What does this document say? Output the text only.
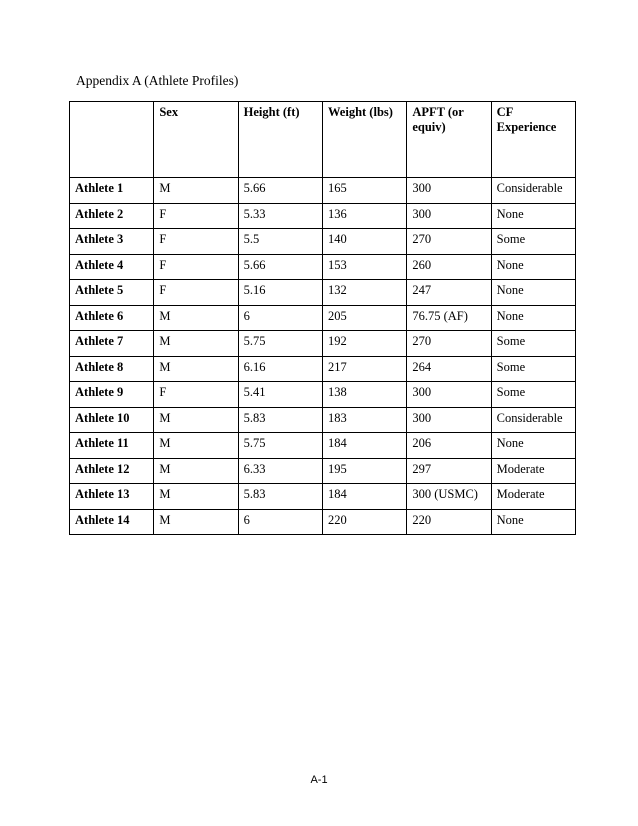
Appendix A (Athlete Profiles)
	Sex	Height (ft)	Weight (lbs)	APFT (or equiv)	CF Experience
Athlete 1	M	5.66	165	300	Considerable
Athlete 2	F	5.33	136	300	None
Athlete 3	F	5.5	140	270	Some
Athlete 4	F	5.66	153	260	None
Athlete 5	F	5.16	132	247	None
Athlete 6	M	6	205	76.75 (AF)	None
Athlete 7	M	5.75	192	270	Some
Athlete 8	M	6.16	217	264	Some
Athlete 9	F	5.41	138	300	Some
Athlete 10	M	5.83	183	300	Considerable
Athlete 11	M	5.75	184	206	None
Athlete 12	M	6.33	195	297	Moderate
Athlete 13	M	5.83	184	300 (USMC)	Moderate
Athlete 14	M	6	220	220	None
A-1
